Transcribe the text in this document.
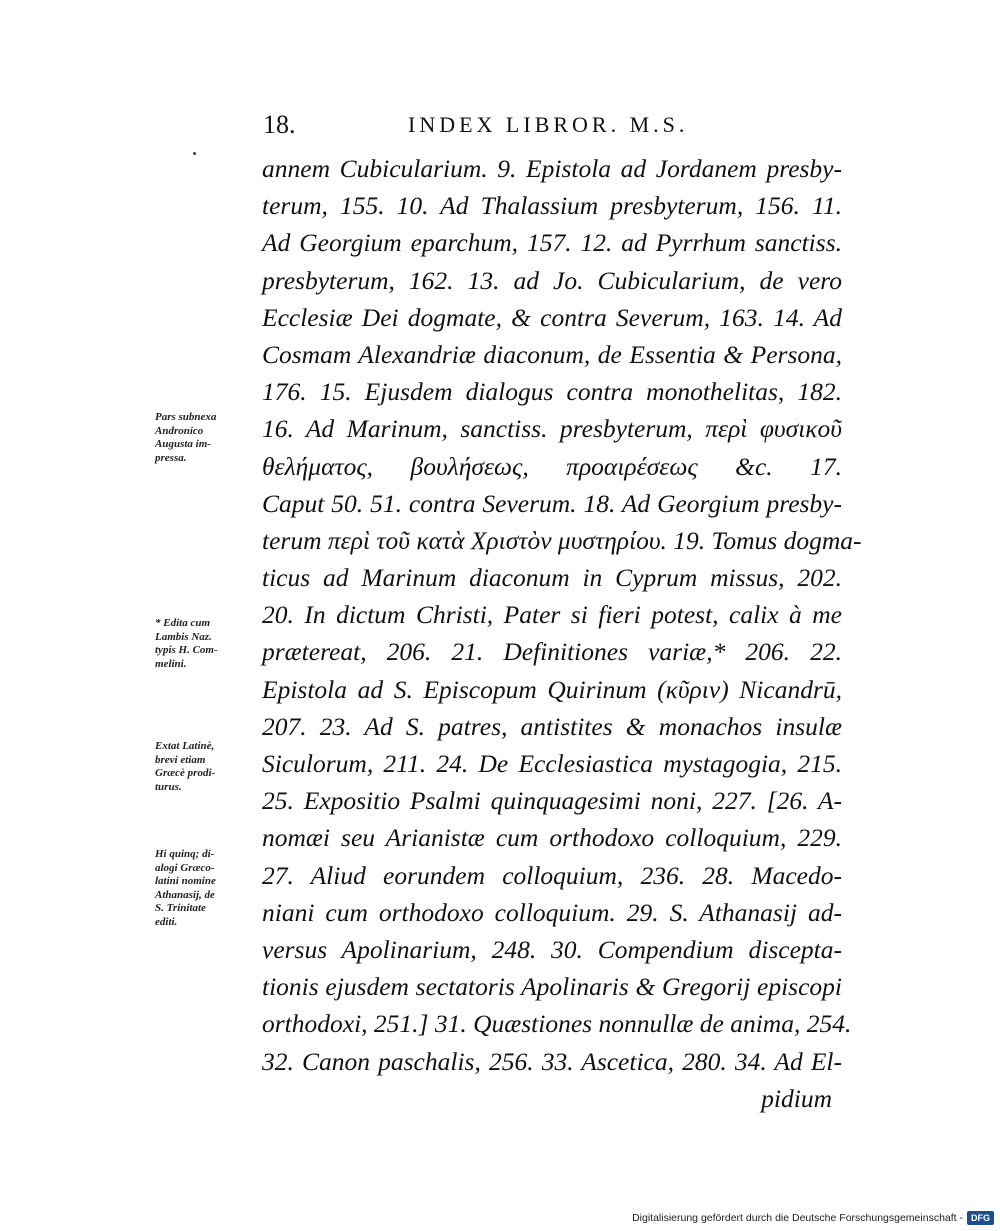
18.	INDEX LIBROR. M.S.
annem Cubicularium. 9. Epistola ad Jordanem presby-
terum, 155. 10. Ad Thalassium presbyterum, 156. 11.
Ad Georgium eparchum, 157. 12. ad Pyrrhum sanctiss.
presbyterum, 162. 13. ad Jo. Cubicularium, de vero
Ecclesiæ Dei dogmate, & contra Severum, 163. 14. Ad
Cosmam Alexandriæ diaconum, de Essentia & Persona,
176. 15. Ejusdem dialogus contra monothelitas, 182.
16. Ad Marinum, sanctiss. presbyterum, περὶ φυσικοῦ
θελήματος, βουλήσεως, προαιρέσεως &c. 17.
Caput 50. 51. contra Severum. 18. Ad Georgium presby-
terum περὶ τοῦ κατὰ Χριστὸν μυστηρίου. 19. Tomus dogma-
ticus ad Marinum diaconum in Cyprum missus, 202.
20. In dictum Christi, Pater si fieri potest, calix à me
prætereat, 206. 21. Definitiones variæ,* 206. 22.
Epistola ad S. Episcopum Quirinum (κῦριν) Nicandrū,
207. 23. Ad S. patres, antistites & monachos insulæ
Siculorum, 211. 24. De Ecclesiastica mystagogia, 215.
25. Expositio Psalmi quinquagesimi noni, 227. [26. A-
nomæi seu Arianistæ cum orthodoxo colloquium, 229.
27. Aliud eorundem colloquium, 236. 28. Macedo-
niani cum orthodoxo colloquium. 29. S. Athanasij ad-
versus Apolinarium, 248. 30. Compendium discepta-
tionis ejusdem sectatoris Apolinaris & Gregorij episcopi
orthodoxi, 251.] 31. Quæstiones nonnullæ de anima, 254.
32. Canon paschalis, 256. 33. Ascetica, 280. 34. Ad El-
pidium
Pars subnexa
Andronico
Augusta im-
pressa.
* Edita cum
Lambis Naz.
typis H. Com-
melini.
Extat Latinè,
brevi etiam
Græcè prodi-
turus.
Hi quinq; di-
alogi Græco-
latini nomine
Athanasij, de
S. Trinitate
editi.
Digitalisierung gefördert durch die Deutsche Forschungsgemeinschaft - DFG
